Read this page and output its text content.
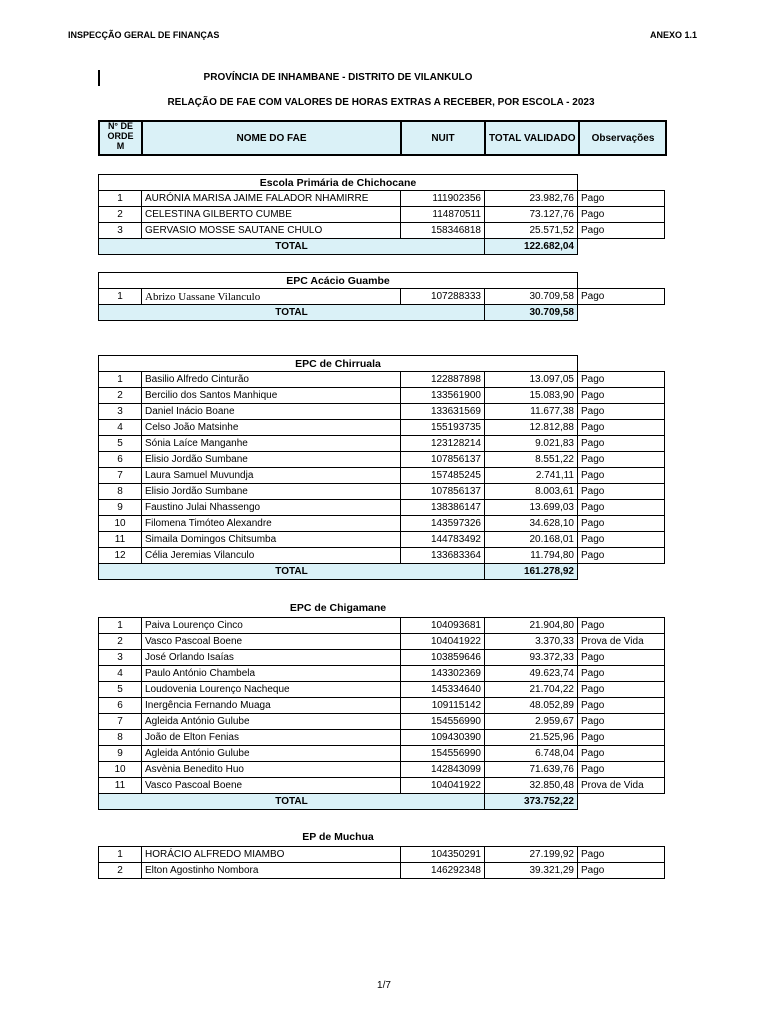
INSPECÇÃO GERAL DE FINANÇAS	ANEXO 1.1
PROVÍNCIA DE INHAMBANE - DISTRITO DE VILANKULO
RELAÇÃO DE FAE COM VALORES DE HORAS EXTRAS A RECEBER, POR ESCOLA - 2023
N° DE
ORDE
M
	NOME DO FAE	NUIT	TOTAL VALIDADO	Observações
Escola Primária de Chichocane				
1	AURÓNIA MARISA JAIME FALADOR NHAMIRRE	111902356	23.982,76	Pago
2	CELESTINA GILBERTO CUMBE	114870511	73.127,76	Pago
3	GERVASIO MOSSE SAUTANE CHULO	158346818	25.571,52	Pago
TOTAL			122.682,04	
EPC Acácio Guambe				
1	Abrizo Uassane Vilanculo	107288333	30.709,58	Pago
TOTAL			30.709,58	
EPC de Chirruala				
1	Basilio Alfredo Cinturão	122887898	13.097,05	Pago
2	Bercilio dos Santos Manhique	133561900	15.083,90	Pago
3	Daniel Inácio Boane	133631569	11.677,38	Pago
4	Celso João Matsinhe	155193735	12.812,88	Pago
5	Sónia Laíce Manganhe	123128214	9.021,83	Pago
6	Elisio Jordão Sumbane	107856137	8.551,22	Pago
7	Laura Samuel Muvundja	157485245	2.741,11	Pago
8	Elisio Jordão Sumbane	107856137	8.003,61	Pago
9	Faustino Julai Nhassengo	138386147	13.699,03	Pago
10	Filomena Timóteo Alexandre	143597326	34.628,10	Pago
11	Simaila Domingos Chitsumba	144783492	20.168,01	Pago
12	Célia Jeremias Vilanculo	133683364	11.794,80	Pago
TOTAL			161.278,92	
EPC de Chigamane
1	Paiva Lourenço Cinco	104093681	21.904,80	Pago
2	Vasco Pascoal Boene	104041922	3.370,33	Prova de Vida
3	José Orlando Isaías	103859646	93.372,33	Pago
4	Paulo António Chambela	143302369	49.623,74	Pago
5	Loudovenia Lourenço Nacheque	145334640	21.704,22	Pago
6	Inergência Fernando Muaga	109115142	48.052,89	Pago
7	Agleida António Gulube	154556990	2.959,67	Pago
8	João de Elton Fenias	109430390	21.525,96	Pago
9	Agleida António Gulube	154556990	6.748,04	Pago
10	Asvènia Benedito Huo	142843099	71.639,76	Pago
11	Vasco Pascoal Boene	104041922	32.850,48	Prova de Vida
TOTAL			373.752,22	
EP de Muchua
1	HORÁCIO ALFREDO MIAMBO	104350291	27.199,92	Pago
2	Elton Agostinho Nombora	146292348	39.321,29	Pago
1/7
